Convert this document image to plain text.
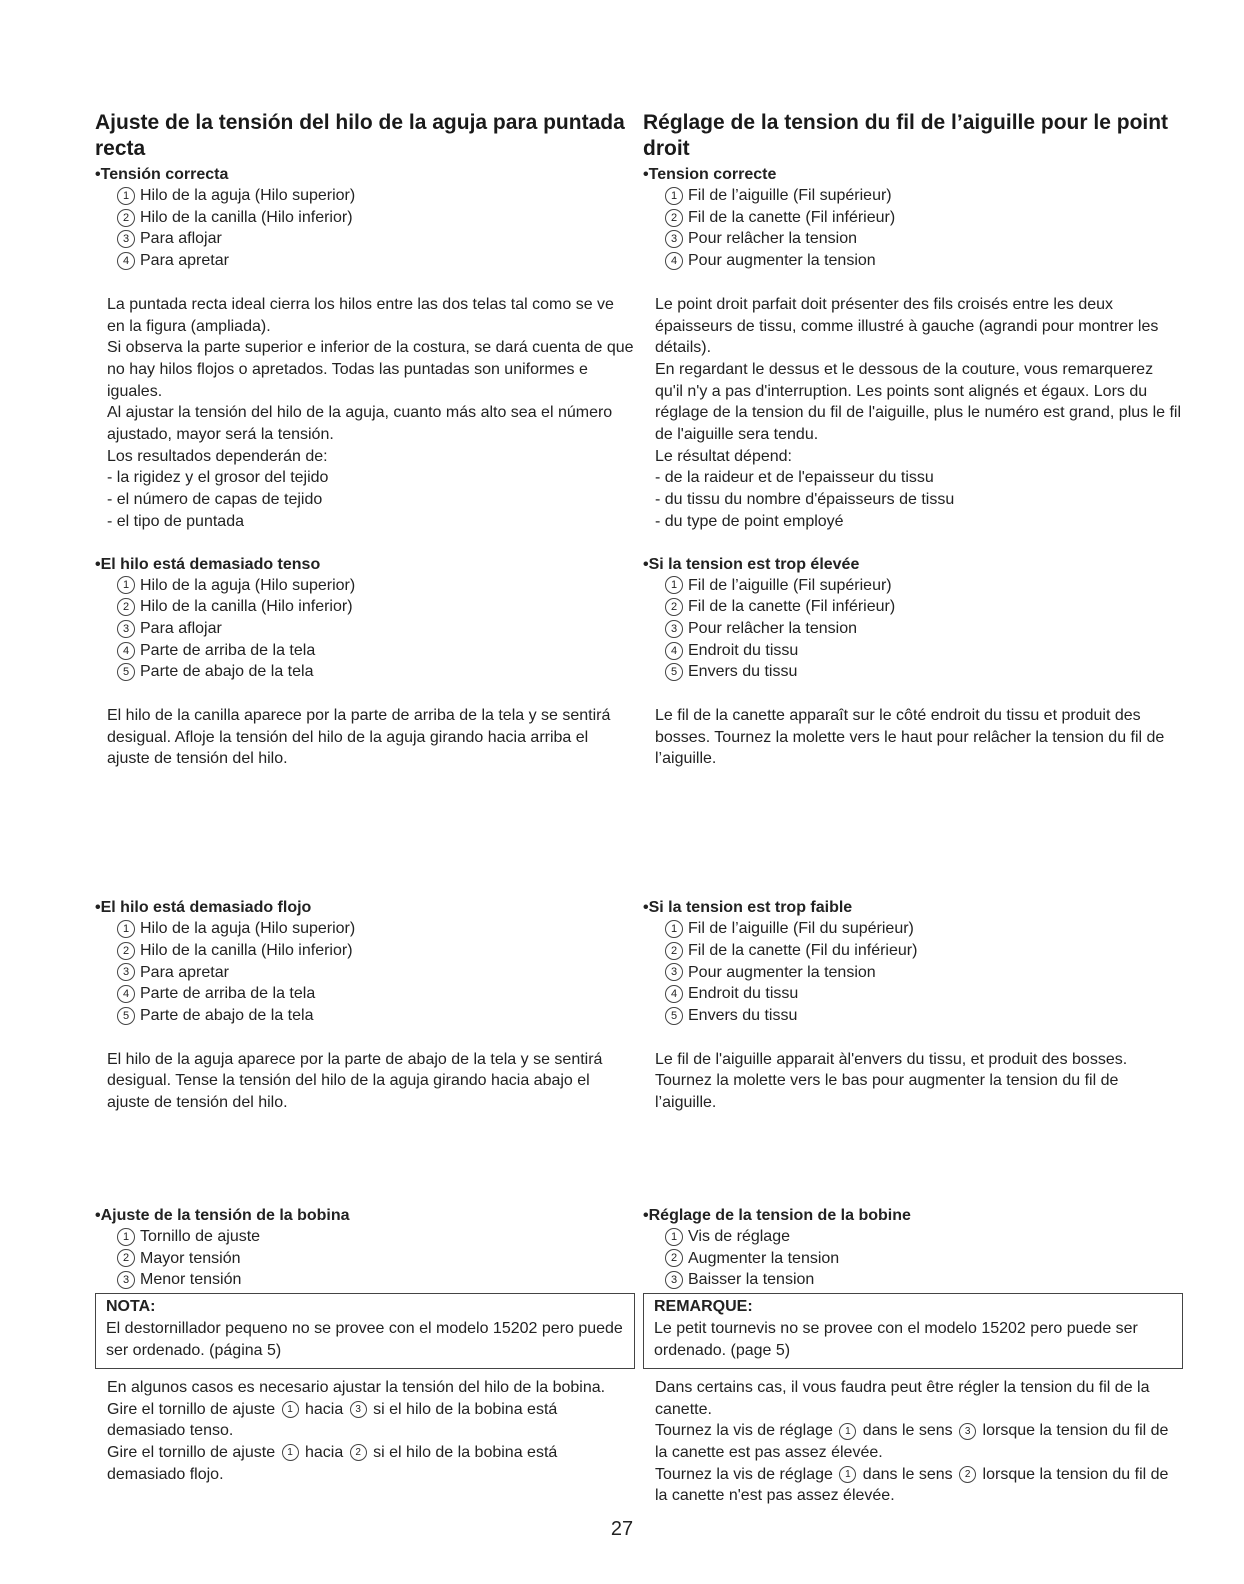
Ajuste de la tensión del hilo de la aguja para puntada recta

• Tensión correcta

1 Hilo de la aguja (Hilo superior)
2 Hilo de la canilla (Hilo inferior)
3 Para aflojar
4 Para apretar
La puntada recta ideal cierra los hilos entre las dos telas tal como se ve en la figura (ampliada).
Si observa la parte superior e inferior de la costura, se dará cuenta de que no hay hilos flojos o apretados. Todas las puntadas son uniformes e iguales.
Al ajustar la tensión del hilo de la aguja, cuanto más alto sea el número ajustado, mayor será la tensión.
Los resultados dependerán de:
- la rigidez y el grosor del tejido
- el número de capas de tejido
- el tipo de puntada

• El hilo está demasiado tenso

1 Hilo de la aguja (Hilo superior)
2 Hilo de la canilla (Hilo inferior)
3 Para aflojar
4 Parte de arriba de la tela
5 Parte de abajo de la tela

El hilo de la canilla aparece por la parte de arriba de la tela y se sentirá desigual. Afloje la tensión del hilo de la aguja girando hacia arriba el ajuste de tensión del hilo.

• El hilo está demasiado flojo

1 Hilo de la aguja (Hilo superior)
2 Hilo de la canilla (Hilo inferior)
3 Para apretar
4 Parte de arriba de la tela
5 Parte de abajo de la tela

El hilo de la aguja aparece por la parte de abajo de la tela y se sentirá desigual. Tense la tensión del hilo de la aguja girando hacia abajo el ajuste de tensión del hilo.

• Ajuste de la tensión de la bobina

1 Tornillo de ajuste
2 Mayor tensión
3 Menor tensión
NOTA:
El destornillador pequeno no se provee con el modelo 15202 pero puede ser ordenado. (página 5)
En algunos casos es necesario ajustar la tensión del hilo de la bobina.
Gire el tornillo de ajuste 1 hacia 3 si el hilo de la bobina está demasiado tenso.
Gire el tornillo de ajuste 1 hacia 2 si el hilo de la bobina está demasiado flojo.
Réglage de la tension du fil de l’aiguille pour le point droit

• Tension correcte

1 Fil de l’aiguille (Fil supérieur)
2 Fil de la canette (Fil inférieur)
3 Pour relâcher la tension
4 Pour augmenter la tension
Le point droit parfait doit présenter des fils croisés entre les deux épaisseurs de tissu, comme illustré à gauche (agrandi pour montrer les détails).
En regardant le dessus et le dessous de la couture, vous remarquerez qu'il n'y a pas d'interruption. Les points sont alignés et égaux. Lors du réglage de la tension du fil de l'aiguille, plus le numéro est grand, plus le fil de l'aiguille sera tendu.
Le résultat dépend:
- de la raideur et de l'epaisseur du tissu
- du tissu du nombre d'épaisseurs de tissu
- du type de point employé

• Si la tension est trop élevée

1 Fil de l’aiguille (Fil supérieur)
2 Fil de la canette (Fil inférieur)
3 Pour relâcher la tension
4 Endroit du tissu
5 Envers du tissu

Le fil de la canette apparaît sur le côté endroit du tissu et produit des bosses. Tournez la molette vers le haut pour relâcher la tension du fil de l’aiguille.

• Si la tension est trop faible

1 Fil de l’aiguille (Fil du supérieur)
2 Fil de la canette (Fil du inférieur)
3 Pour augmenter la tension
4 Endroit du tissu
5 Envers du tissu

Le fil de l'aiguille apparait àl'envers du tissu, et produit des bosses. Tournez la molette vers le bas pour augmenter la tension du fil de l’aiguille.

• Réglage de la tension de la bobine

1 Vis de réglage
2 Augmenter la tension
3 Baisser la tension
REMARQUE:
Le petit tournevis no se provee con el modelo 15202 pero puede ser ordenado. (page 5)
Dans certains cas, il vous faudra peut être régler la tension du fil de la canette.
Tournez la vis de réglage 1 dans le sens 3 lorsque la tension du fil de la canette est pas assez élevée.
Tournez la vis de réglage 1 dans le sens 2 lorsque la tension du fil de la canette n'est pas assez élevée.
27
